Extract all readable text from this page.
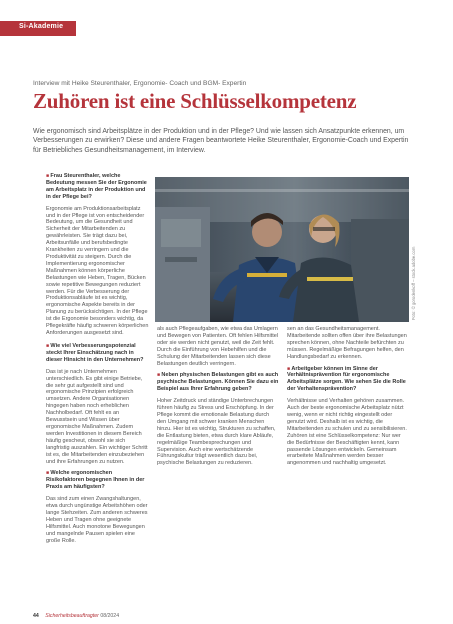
Si-Akademie
Interview mit Heike Steurenthaler, Ergonomie- Coach und BGM- Expertin
Zuhören ist eine Schlüsselkompetenz
Wie ergonomisch sind Arbeitsplätze in der Produktion und in der Pflege? Und wie lassen sich Ansatzpunkte erkennen, um Verbesserungen zu erwirken? Diese und andere Fragen beantwortete Heike Steurenthaler, Ergonomie-Coach und Expertin für Betriebliches Gesundheitsmanagement, im Interview.

■ Frau Steurenthaler, welche Bedeutung messen Sie der Ergonomie am Arbeitsplatz in der Produktion und in der Pflege bei?

Ergonomie am Produktionsarbeitsplatz und in der Pflege ist von entscheidender Bedeutung, um die Gesundheit und Sicherheit der Mitarbeitenden zu gewährleisten. Sie trägt dazu bei, Arbeitsunfälle und berufsbedingte Krankheiten zu verringern und die Produktivität zu steigern. Durch die Implementierung ergonomischer Maßnahmen können körperliche Belastungen wie Heben, Tragen, Bücken sowie repetitive Bewegungen reduziert werden. Für die Verbesserung der Produktionsabläufe ist es wichtig, ergonomische Aspekte bereits in der Planung zu berücksichtigen. In der Pflege ist die Ergonomie besonders wichtig, da Pflegekräfte häufig schweren körperlichen Anforderungen ausgesetzt sind.

■ Wie viel Verbesserungspotenzial steckt Ihrer Einschätzung nach in dieser Hinsicht in den Unternehmen?

Das ist je nach Unternehmen unterschiedlich. Es gibt einige Betriebe, die sehr gut aufgestellt sind und ergonomische Prinzipien erfolgreich umsetzen. Andere Organisationen hingegen haben noch erheblichen Nachholbedarf. Oft fehlt es an Bewusstsein und Wissen über ergonomische Maßnahmen. Zudem werden Investitionen in diesem Bereich häufig gescheut, obwohl sie sich langfristig auszahlen. Ein wichtiger Schritt ist es, die Mitarbeitenden einzubeziehen und ihre Erfahrungen zu nutzen.

■ Welche ergonomischen Risikofaktoren begegnen Ihnen in der Praxis am häufigsten?

Das sind zum einen Zwangshaltungen, etwa durch ungünstige Arbeitshöhen oder lange Stehzeiten. Zum anderen schweres Heben und Tragen ohne geeignete Hilfsmittel. Auch monotone Bewegungen und mangelnde Pausen spielen eine große Rolle.

als auch Pflegeaufgaben, wie etwa das Umlagern und Bewegen von Patienten. Oft fehlen Hilfsmittel oder sie werden nicht genutzt, weil die Zeit fehlt. Durch die Einführung von Hebehilfen und die Schulung der Mitarbeitenden lassen sich diese Belastungen deutlich verringern.

■ Neben physischen Belastungen gibt es auch psychische Belastungen. Können Sie dazu ein Beispiel aus Ihrer Erfahrung geben?

Hoher Zeitdruck und ständige Unterbrechungen führen häufig zu Stress und Erschöpfung. In der Pflege kommt die emotionale Belastung durch den Umgang mit schwer kranken Menschen hinzu. Hier ist es wichtig, Strukturen zu schaffen, die Entlastung bieten, etwa durch klare Abläufe, regelmäßige Teambesprechungen und Supervision. Auch eine wertschätzende Führungskultur trägt wesentlich dazu bei, psychische Belastungen zu reduzieren.

sen an das Gesundheitsmanagement. Mitarbeitende sollten offen über ihre Belastungen sprechen können, ohne Nachteile befürchten zu müssen. Regelmäßige Befragungen helfen, den Handlungsbedarf zu erkennen.

■ Arbeitgeber können im Sinne der Verhältnisprävention für ergonomische Arbeitsplätze sorgen. Wie sehen Sie die Rolle der Verhaltensprävention?

Verhältnisse und Verhalten gehören zusammen. Auch der beste ergonomische Arbeitsplatz nützt wenig, wenn er nicht richtig eingestellt oder genutzt wird. Deshalb ist es wichtig, die Mitarbeitenden zu schulen und zu sensibilisieren. Zuhören ist eine Schlüsselkompetenz: Nur wer die Bedürfnisse der Beschäftigten kennt, kann passende Lösungen entwickeln. Gemeinsam erarbeitete Maßnahmen werden besser angenommen und nachhaltig umgesetzt.

Foto: © gorodenkoff – stock.adobe.com
44 Sicherheitsbeauftragter 08/2024
